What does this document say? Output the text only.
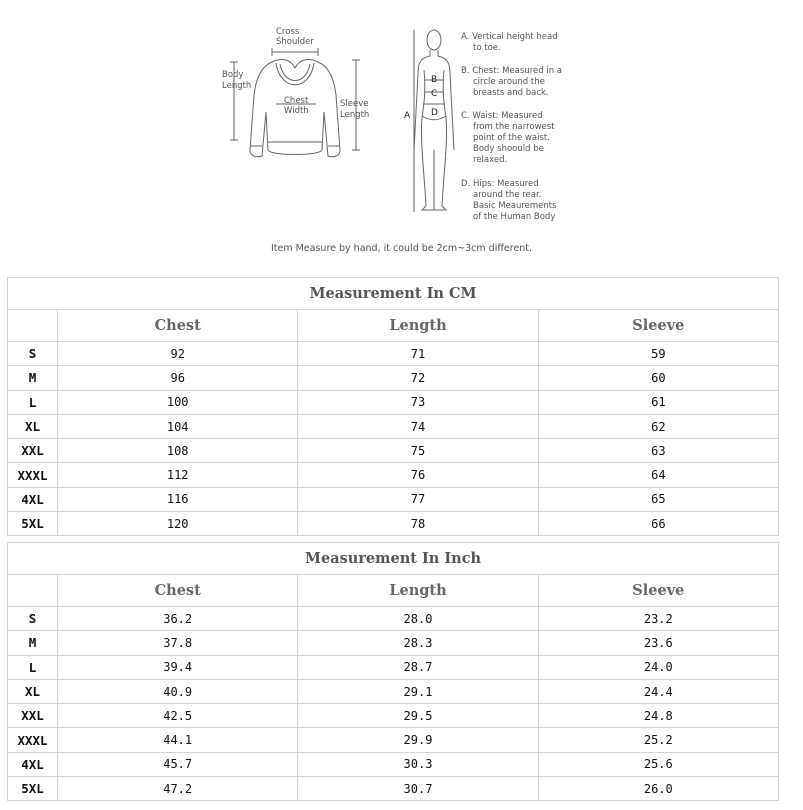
Cross
Shoulder
Body
Length
Chest
Width
Sleeve
Length	A
B
C
D
A. Vertical height head
to toe.
B. Chest: Measured in a
circle around the
breasts and back.
C. Waist: Measured
from the narrowest
point of the waist.
Body shoould be
relaxed.
D. Hips: Measured
around the rear.
Basic Meaurements
of the Human Body
Item Measure by hand, it could be 2cm~3cm different.
Measurement In CM			
	Chest	Length	Sleeve
S	92	71	59
M	96	72	60
L	100	73	61
XL	104	74	62
XXL	108	75	63
XXXL	112	76	64
4XL	116	77	65
5XL	120	78	66
Measurement In Inch			
	Chest	Length	Sleeve
S	36.2	28.0	23.2
M	37.8	28.3	23.6
L	39.4	28.7	24.0
XL	40.9	29.1	24.4
XXL	42.5	29.5	24.8
XXXL	44.1	29.9	25.2
4XL	45.7	30.3	25.6
5XL	47.2	30.7	26.0
